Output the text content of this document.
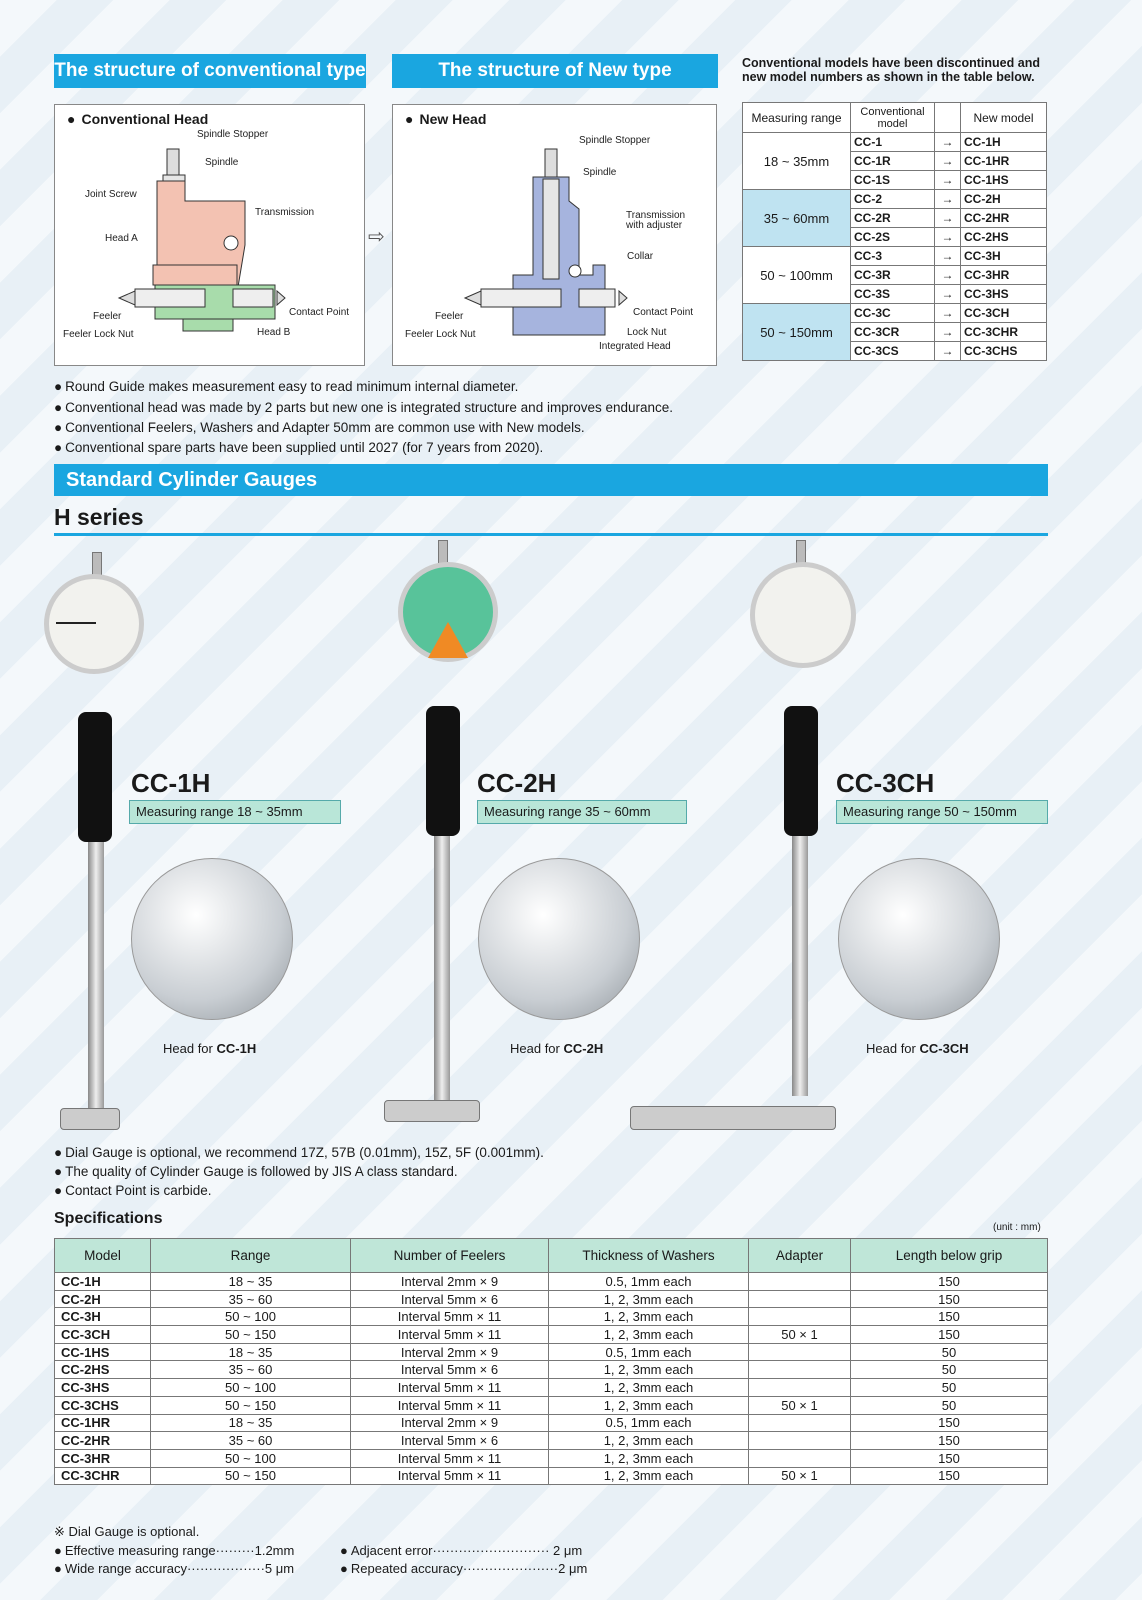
The structure of conventional type	The structure of New type
● Conventional Head
Spindle Stopper
Spindle
Joint Screw
Transmission
Head A
Feeler	Contact Point
Feeler Lock Nut	Head B
⇨
● New Head
Spindle Stopper
Spindle
Transmission with adjuster
Collar
Feeler	Contact Point
Feeler Lock Nut	Lock Nut
Integrated Head
Conventional models have been discontinued and new model numbers as shown in the table below.
Measuring range	Conventional model		New model
18 ~ 35mm	CC-1	→	CC-1H
	CC-1R	→	CC-1HR
	CC-1S	→	CC-1HS
35 ~ 60mm	CC-2	→	CC-2H
	CC-2R	→	CC-2HR
	CC-2S	→	CC-2HS
50 ~ 100mm	CC-3	→	CC-3H
	CC-3R	→	CC-3HR
	CC-3S	→	CC-3HS
50 ~ 150mm	CC-3C	→	CC-3CH
	CC-3CR	→	CC-3CHR
	CC-3CS	→	CC-3CHS
● Round Guide makes measurement easy to read minimum internal diameter.
● Conventional head was made by 2 parts but new one is integrated structure and improves endurance.
● Conventional Feelers, Washers and Adapter 50mm are common use with New models.
● Conventional spare parts have been supplied until 2027 (for 7 years from 2020).
Standard Cylinder Gauges
H series
CC-1H
Measuring range 18 ~ 35mm
Head for CC-1H
CC-2H
Measuring range 35 ~ 60mm
Head for CC-2H
CC-3CH
Measuring range 50 ~ 150mm
Head for CC-3CH
● Dial Gauge is optional, we recommend 17Z, 57B (0.01mm), 15Z, 5F (0.001mm).
● The quality of Cylinder Gauge is followed by JIS A class standard.
● Contact Point is carbide.
Specifications
(unit : mm)
Model	Range	Number of Feelers	Thickness of Washers	Adapter	Length below grip
CC-1H	18 ~ 35	Interval 2mm × 9	0.5, 1mm each		150
CC-2H	35 ~ 60	Interval 5mm × 6	1, 2, 3mm each		150
CC-3H	50 ~ 100	Interval 5mm × 11	1, 2, 3mm each		150
CC-3CH	50 ~ 150	Interval 5mm × 11	1, 2, 3mm each	50 × 1	150
CC-1HS	18 ~ 35	Interval 2mm × 9	0.5, 1mm each		50
CC-2HS	35 ~ 60	Interval 5mm × 6	1, 2, 3mm each		50
CC-3HS	50 ~ 100	Interval 5mm × 11	1, 2, 3mm each		50
CC-3CHS	50 ~ 150	Interval 5mm × 11	1, 2, 3mm each	50 × 1	50
CC-1HR	18 ~ 35	Interval 2mm × 9	0.5, 1mm each		150
CC-2HR	35 ~ 60	Interval 5mm × 6	1, 2, 3mm each		150
CC-3HR	50 ~ 100	Interval 5mm × 11	1, 2, 3mm each		150
CC-3CHR	50 ~ 150	Interval 5mm × 11	1, 2, 3mm each	50 × 1	150
※ Dial Gauge is optional.
● Effective measuring range·········1.2mm
● Wide range accuracy··················5 μm
● Adjacent error··························· 2 μm
● Repeated accuracy······················2 μm
